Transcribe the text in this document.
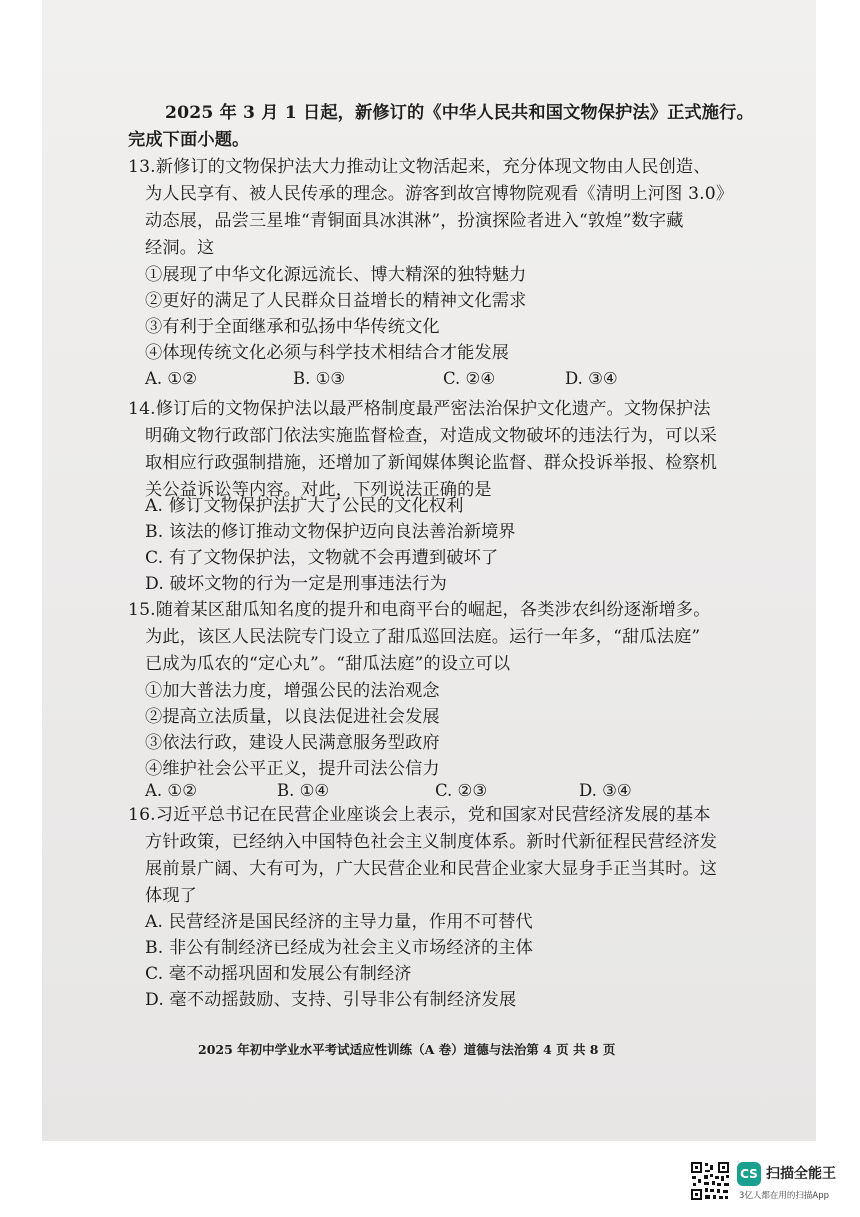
2025 年 3 月 1 日起，新修订的《中华人民共和国文物保护法》正式施行。
完成下面小题。
13.新修订的文物保护法大力推动让文物活起来，充分体现文物由人民创造、
为人民享有、被人民传承的理念。游客到故宫博物院观看《清明上河图 3.0》
动态展，品尝三星堆“青铜面具冰淇淋”，扮演探险者进入“敦煌”数字藏
经洞。这
①展现了中华文化源远流长、博大精深的独特魅力
②更好的满足了人民群众日益增长的精神文化需求
③有利于全面继承和弘扬中华传统文化
④体现传统文化必须与科学技术相结合才能发展
A. ①②	B. ①③	C. ②④	D. ③④
14.修订后的文物保护法以最严格制度最严密法治保护文化遗产。文物保护法
明确文物行政部门依法实施监督检查，对造成文物破坏的违法行为，可以采
取相应行政强制措施，还增加了新闻媒体舆论监督、群众投诉举报、检察机
关公益诉讼等内容。对此，下列说法正确的是
A. 修订文物保护法扩大了公民的文化权利
B. 该法的修订推动文物保护迈向良法善治新境界
C. 有了文物保护法，文物就不会再遭到破坏了
D. 破坏文物的行为一定是刑事违法行为
15.随着某区甜瓜知名度的提升和电商平台的崛起，各类涉农纠纷逐渐增多。
为此，该区人民法院专门设立了甜瓜巡回法庭。运行一年多，“甜瓜法庭”
已成为瓜农的“定心丸”。“甜瓜法庭”的设立可以
①加大普法力度，增强公民的法治观念
②提高立法质量，以良法促进社会发展
③依法行政，建设人民满意服务型政府
④维护社会公平正义，提升司法公信力
A. ①②	B. ①④	C. ②③	D. ③④
16.习近平总书记在民营企业座谈会上表示，党和国家对民营经济发展的基本
方针政策，已经纳入中国特色社会主义制度体系。新时代新征程民营经济发
展前景广阔、大有可为，广大民营企业和民营企业家大显身手正当其时。这
体现了
A. 民营经济是国民经济的主导力量，作用不可替代
B. 非公有制经济已经成为社会主义市场经济的主体
C. 毫不动摇巩固和发展公有制经济
D. 毫不动摇鼓励、支持、引导非公有制经济发展
2025 年初中学业水平考试适应性训练（A 卷）道德与法治第 4 页 共 8 页
CS 扫描全能王
3亿人都在用的扫描App
